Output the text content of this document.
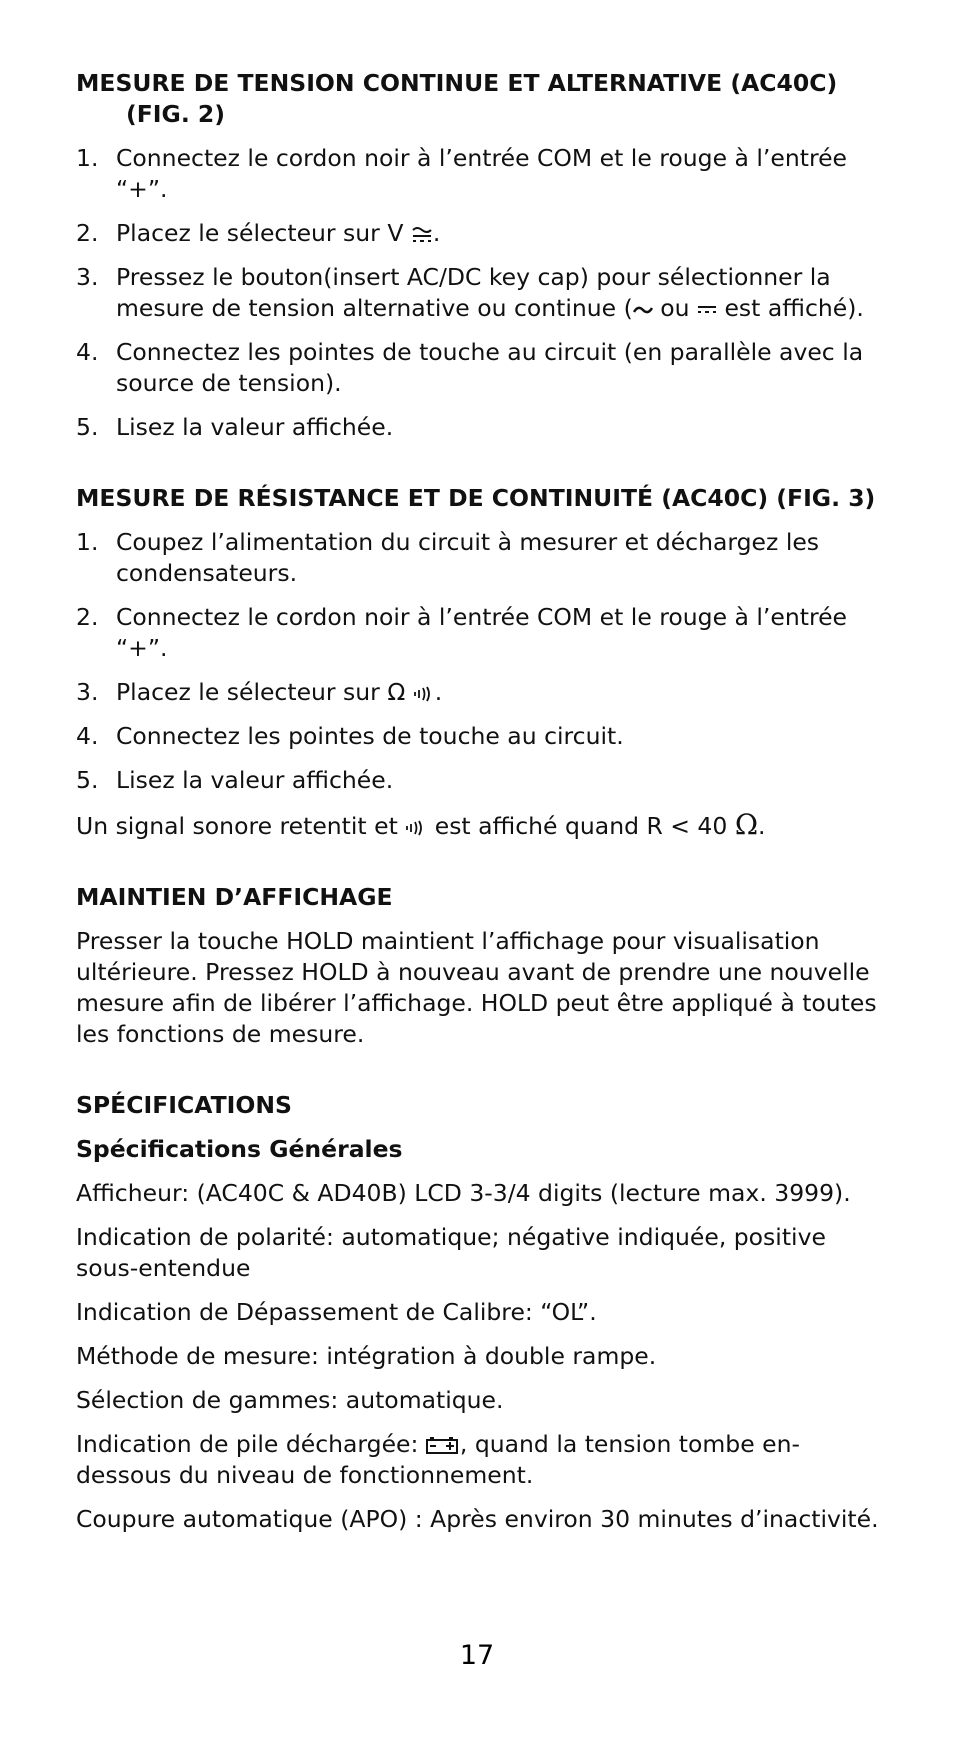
MESURE DE TENSION CONTINUE ET ALTERNATIVE (AC40C)
(FIG. 2)
1. Connectez le cordon noir à l’entrée COM et le rouge à l’entrée “+”.
2. Placez le sélecteur sur V .
3. Pressez le bouton(insert AC/DC key cap) pour sélectionner la mesure de tension alternative ou continue ( ou  est affiché).
4. Connectez les pointes de touche au circuit (en parallèle avec la source de tension).
5. Lisez la valeur affichée.
MESURE DE RÉSISTANCE ET DE CONTINUITÉ (AC40C) (FIG. 3)
1. Coupez l’alimentation du circuit à mesurer et déchargez les condensateurs.
2. Connectez le cordon noir à l’entrée COM et le rouge à l’entrée “+”.
3. Placez le sélecteur sur Ω .
4. Connectez les pointes de touche au circuit.
5. Lisez la valeur affichée.

Un signal sonore retentit et  est affiché quand R < 40 Ω.

MAINTIEN D’AFFICHAGE

Presser la touche HOLD maintient l’affichage pour visualisation ultérieure. Pressez HOLD à nouveau avant de prendre une nouvelle mesure afin de libérer l’affichage. HOLD peut être appliqué à toutes les fonctions de mesure.

SPÉCIFICATIONS
Spécifications Générales

Afficheur: (AC40C & AD40B) LCD 3-3/4 digits (lecture max. 3999).

Indication de polarité: automatique; négative indiquée, positive sous-entendue

Indication de Dépassement de Calibre: “OL”.

Méthode de mesure: intégration à double rampe.

Sélection de gammes: automatique.

Indication de pile déchargée: , quand la tension tombe en-dessous du niveau de fonctionnement.

Coupure automatique (APO) : Après environ 30 minutes d’inactivité.

17
